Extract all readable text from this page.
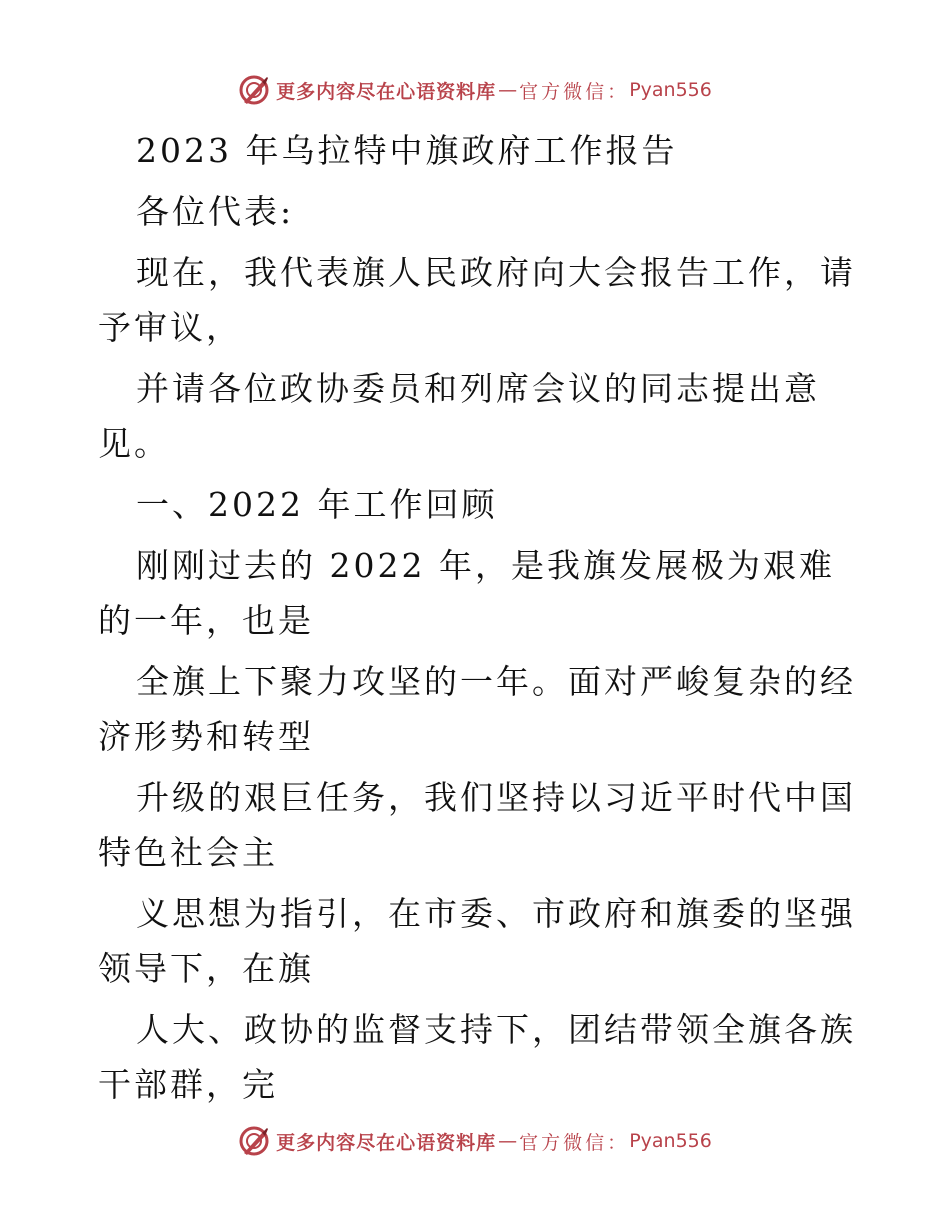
更多内容尽在心语资料库 — 官方微信： Pyan556

2023 年乌拉特中旗政府工作报告

各位代表:

现在，我代表旗人民政府向大会报告工作，请予审议，

并请各位政协委员和列席会议的同志提出意见。

一、2022 年工作回顾

刚刚过去的 2022 年，是我旗发展极为艰难的一年，也是

全旗上下聚力攻坚的一年。面对严峻复杂的经济形势和转型

升级的艰巨任务，我们坚持以习近平时代中国特色社会主

义思想为指引，在市委、市政府和旗委的坚强领导下，在旗

人大、政协的监督支持下，团结带领全旗各族干部群，完

更多内容尽在心语资料库 — 官方微信： Pyan556
